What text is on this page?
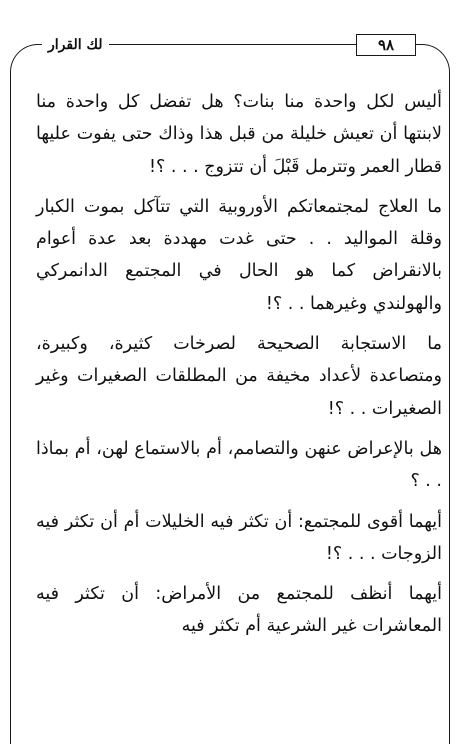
لك القرار	٩٨

أليس لكل واحدة منا بنات؟ هل تفضل كل واحدة منا لابنتها أن تعيش خليلة من قبل هذا وذاك حتى يفوت عليها قطار العمر وتترمل قَبْلَ أن تتزوج . . . ؟!

ما العلاج لمجتمعاتكم الأوروبية التي تتآكل بموت الكبار وقلة المواليد . . حتى غدت مهددة بعد عدة أعوام بالانقراض كما هو الحال في المجتمع الدانمركي والهولندي وغيرهما . . ؟!

ما الاستجابة الصحيحة لصرخات كثيرة، وكبيرة، ومتصاعدة لأعداد مخيفة من المطلقات الصغيرات وغير الصغيرات . . ؟!

هل بالإعراض عنهن والتصامم، أم بالاستماع لهن، أم بماذا . . ؟

أيهما أقوى للمجتمع: أن تكثر فيه الخليلات أم أن تكثر فيه الزوجات . . . ؟!

أيهما أنظف للمجتمع من الأمراض: أن تكثر فيه المعاشرات غير الشرعية أم تكثر فيه
